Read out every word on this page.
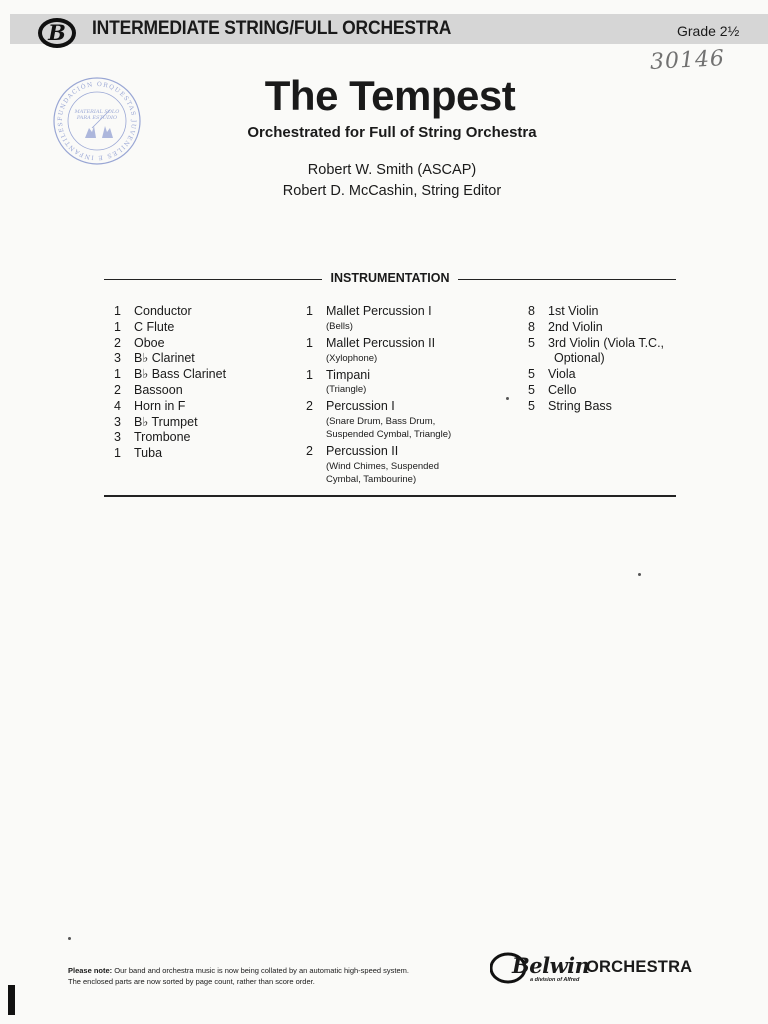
B INTERMEDIATE STRING/FULL ORCHESTRA	Grade 2½
30146
FUNDACIÓN ORQUESTAS JUVENILES E INFANTILES
MATERIAL SOLO
PARA ESTUDIO	The Tempest
Orchestrated for Full of String Orchestra
Robert W. Smith (ASCAP)
Robert D. McCashin, String Editor
INSTRUMENTATION
1	Conductor
1	C Flute
2	Oboe
3	B♭ Clarinet
1	B♭ Bass Clarinet
2	Bassoon
4	Horn in F
3	B♭ Trumpet
3	Trombone
1	Tuba
1	Mallet Percussion I
(Bells)
1	Mallet Percussion II
(Xylophone)
1	Timpani
(Triangle)
2	Percussion I
(Snare Drum, Bass Drum,
Suspended Cymbal, Triangle)
2	Percussion II
(Wind Chimes, Suspended
Cymbal, Tambourine)
8	1st Violin
8	2nd Violin
5	3rd Violin (Viola T.C.,
Optional)
5	Viola
5	Cello
5	String Bass
Please note: Our band and orchestra music is now being collated by an automatic high-speed system.
The enclosed parts are now sorted by page count, rather than score order.
Belwin
ORCHESTRA
a division of Alfred
